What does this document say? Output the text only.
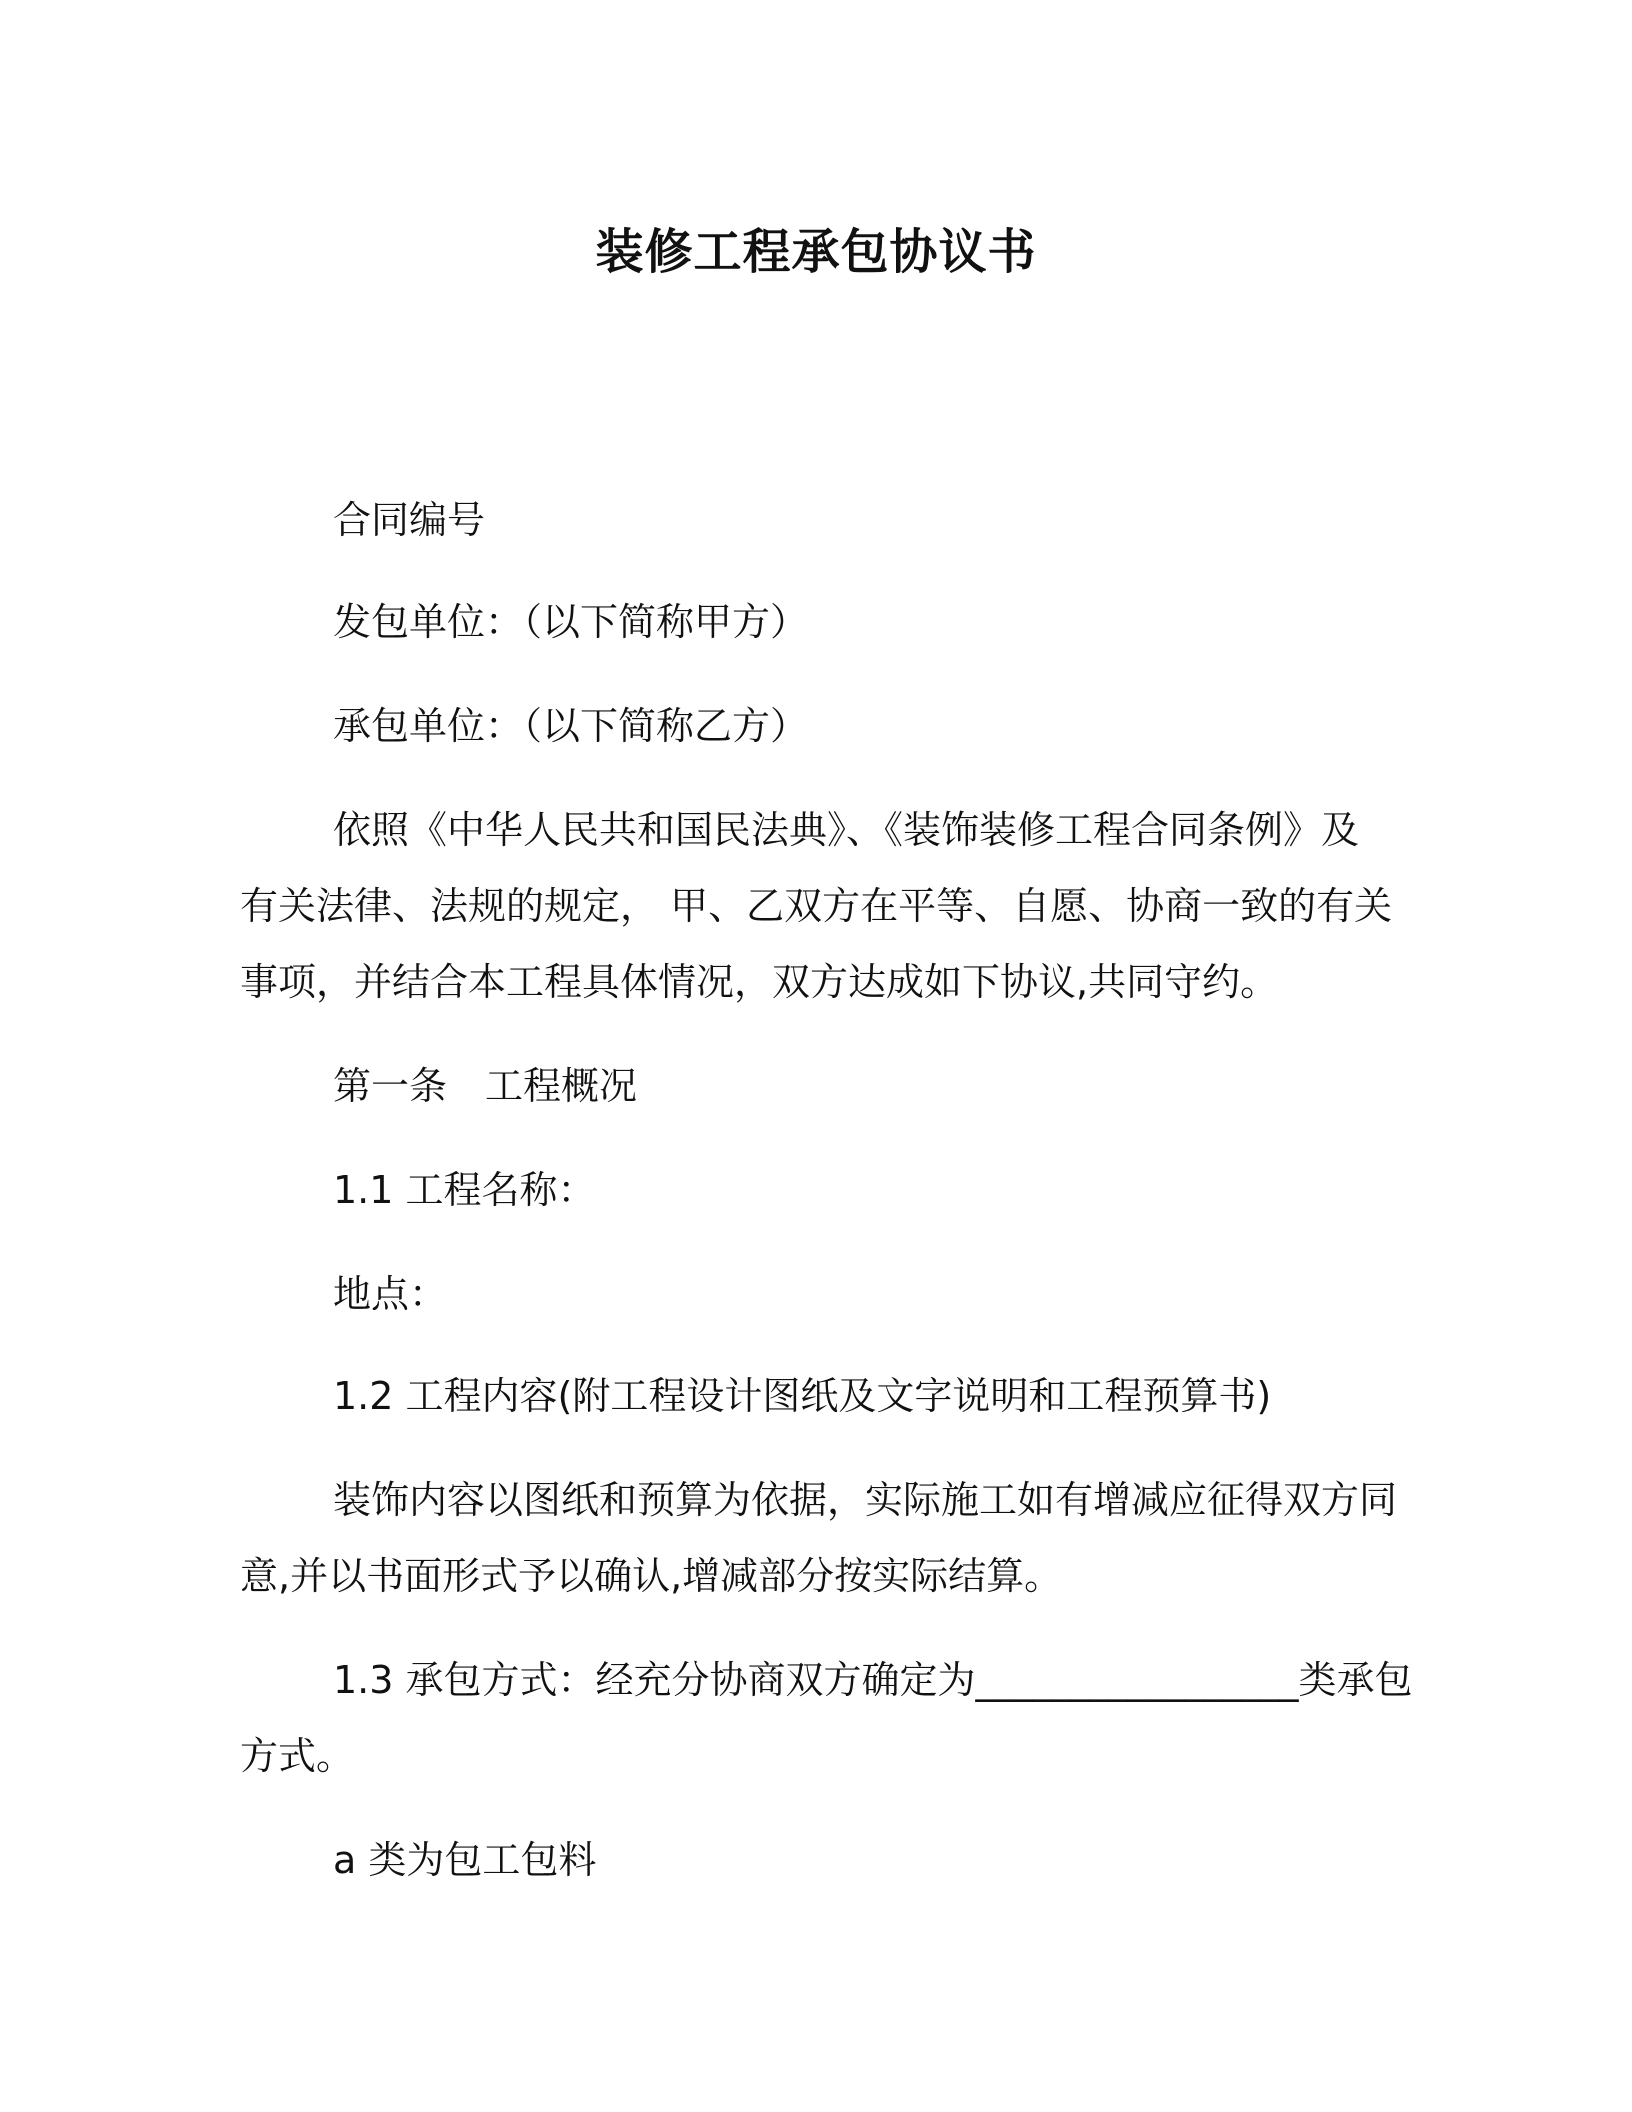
装修工程承包协议书
合同编号
发包单位：（以下简称甲方）
承包单位：（以下简称乙方）
依照《中华人民共和国民法典》、《装饰装修工程合同条例》及
有关法律、法规的规定， 甲、乙双方在平等、自愿、协商一致的有关
事项，并结合本工程具体情况，双方达成如下协议,共同守约。
第一条　工程概况
1.1 工程名称：
地点：
1.2 工程内容(附工程设计图纸及文字说明和工程预算书)
装饰内容以图纸和预算为依据，实际施工如有增减应征得双方同
意,并以书面形式予以确认,增减部分按实际结算。
1.3 承包方式：经充分协商双方确定为_________________类承包
方式。
a 类为包工包料
